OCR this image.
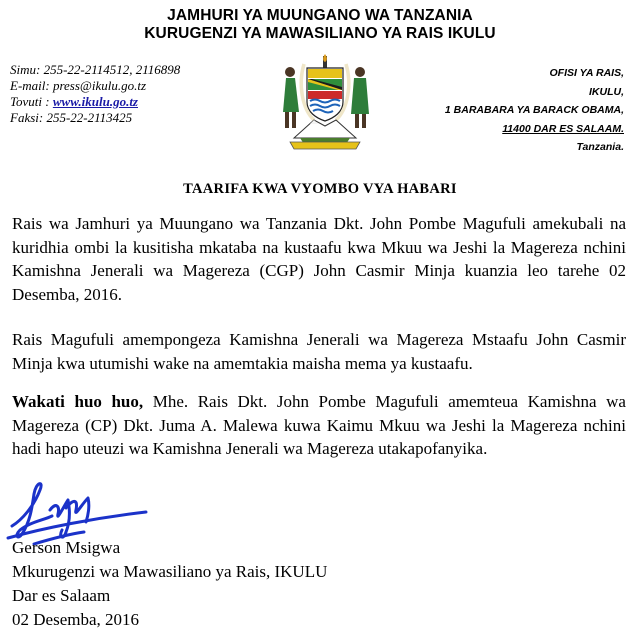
JAMHURI YA MUUNGANO WA TANZANIA
KURUGENZI YA MAWASILIANO YA RAIS IKULU
Simu: 255-22-2114512, 2116898
E-mail: press@ikulu.go.tz
Tovuti : www.ikulu.go.tz
Faksi: 255-22-2113425
OFISI YA RAIS,
IKULU,
1 BARABARA YA BARACK OBAMA,
11400 DAR ES SALAAM.
Tanzania.
TAARIFA KWA VYOMBO VYA HABARI
Rais wa Jamhuri ya Muungano wa Tanzania Dkt. John Pombe Magufuli amekubali na kuridhia ombi la kusitisha mkataba na kustaafu kwa Mkuu wa Jeshi la Magereza nchini Kamishna Jenerali wa Magereza (CGP) John Casmir Minja kuanzia leo tarehe 02 Desemba, 2016.
Rais Magufuli amempongeza Kamishna Jenerali wa Magereza Mstaafu John Casmir Minja kwa utumishi wake na amemtakia maisha mema ya kustaafu.
Wakati huo huo, Mhe. Rais Dkt. John Pombe Magufuli amemteua Kamishna wa Magereza (CP) Dkt. Juma A. Malewa kuwa Kaimu Mkuu wa Jeshi la Magereza nchini hadi hapo uteuzi wa Kamishna Jenerali wa Magereza utakapofanyika.
Gerson Msigwa
Mkurugenzi wa Mawasiliano ya Rais, IKULU
Dar es Salaam
02 Desemba, 2016
